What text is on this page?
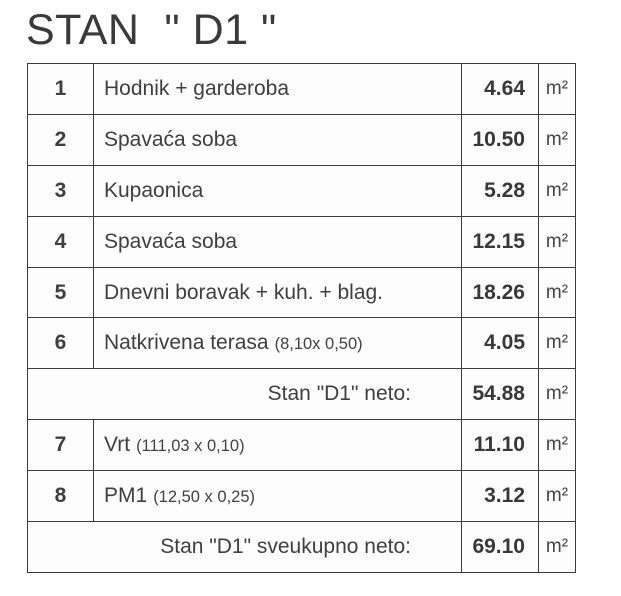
STAN  " D1 "
1	Hodnik + garderoba	4.64	m²
2	Spavaća soba	10.50	m²
3	Kupaonica	5.28	m²
4	Spavaća soba	12.15	m²
5	Dnevni boravak + kuh. + blag.	18.26	m²
6	Natkrivena terasa (8,10x 0,50)	4.05	m²
Stan "D1" neto:		54.88	m²
7	Vrt (111,03 x 0,10)	11.10	m²
8	PM1 (12,50 x 0,25)	3.12	m²
Stan "D1" sveukupno neto:		69.10	m²
